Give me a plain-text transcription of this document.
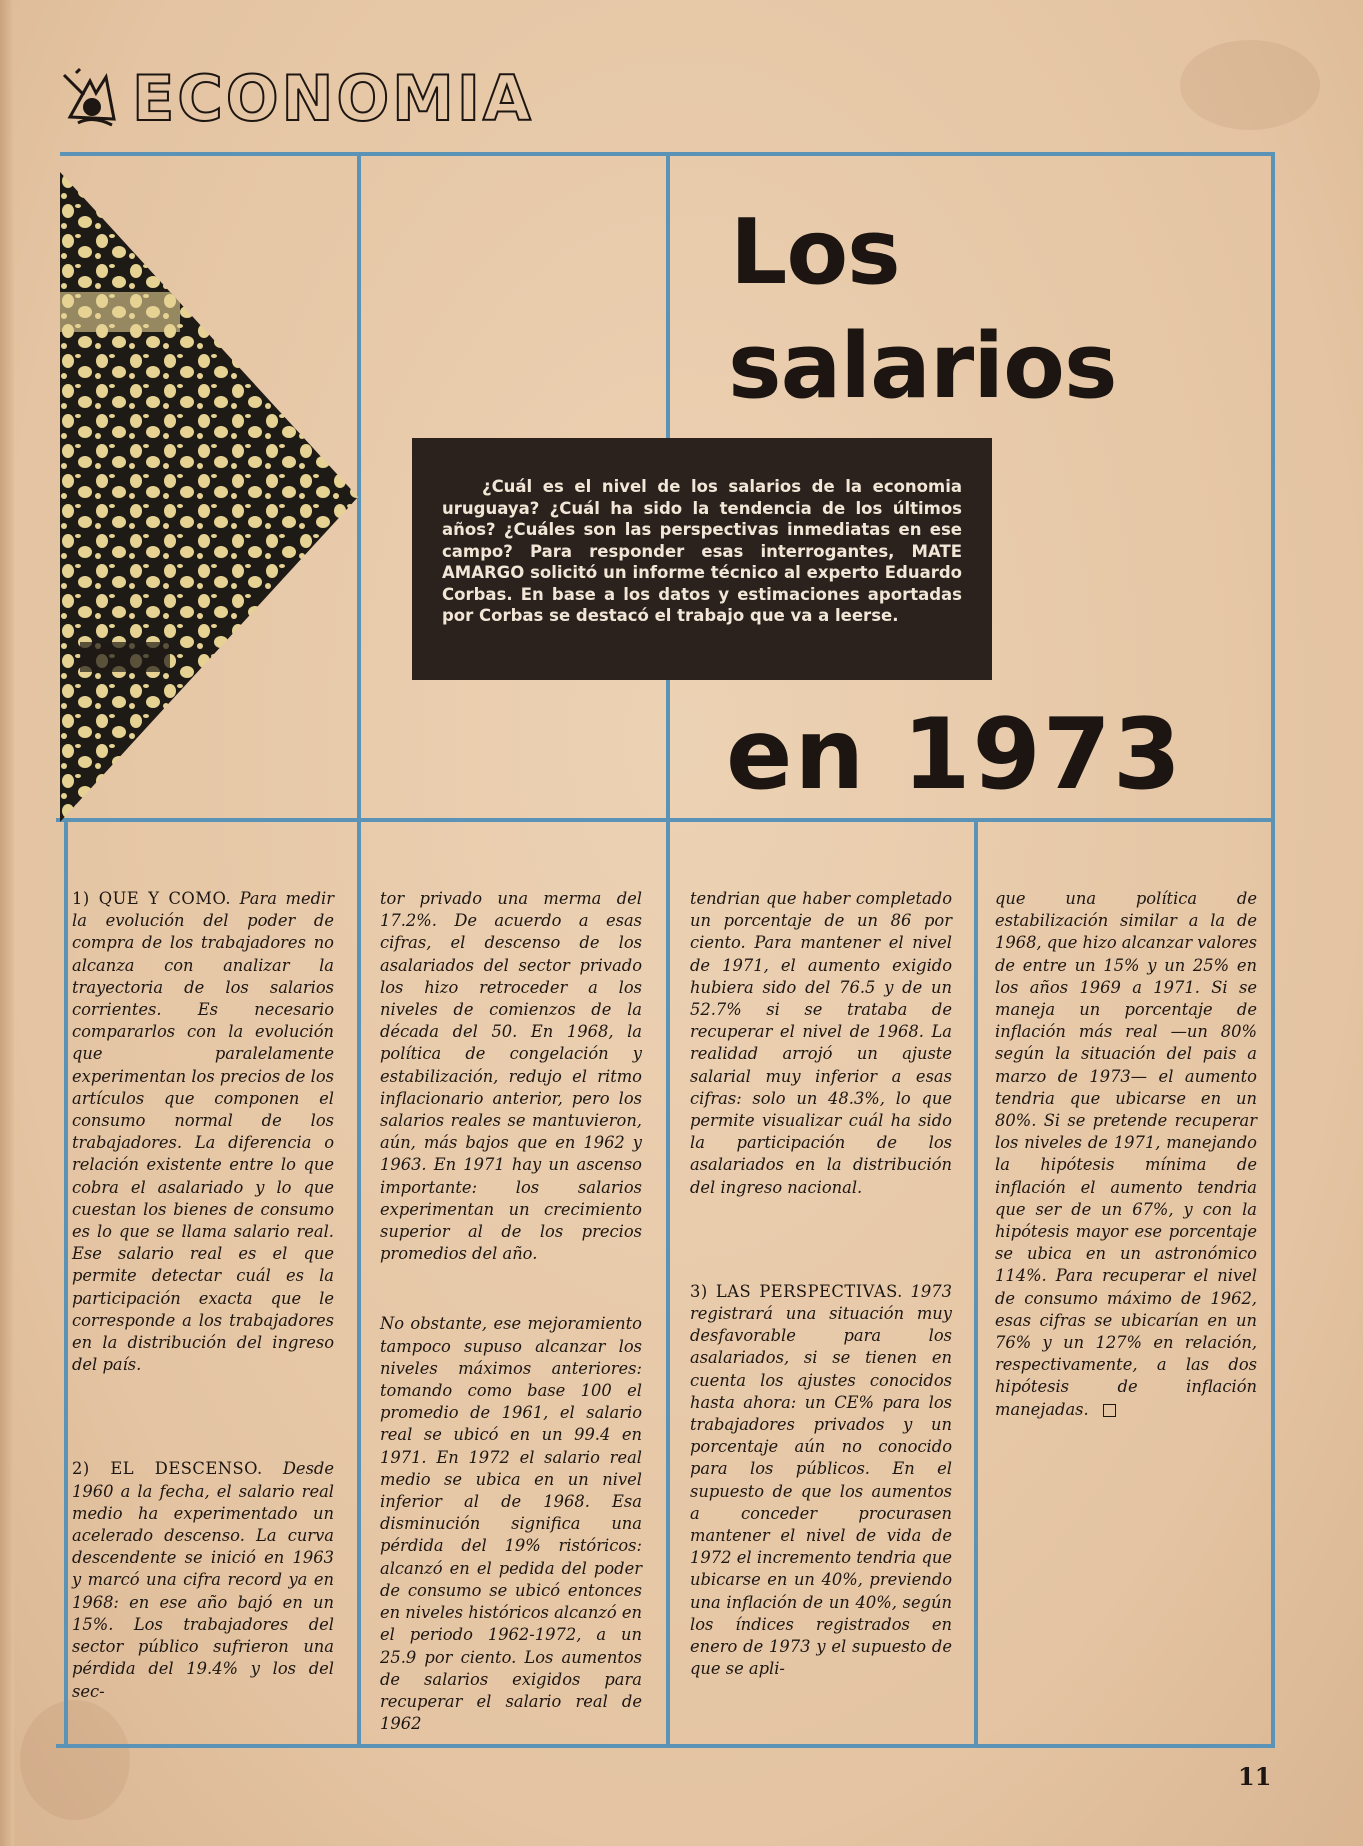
ECONOMIA
Los
salarios
en 1973

¿Cuál es el nivel de los salarios de la economia uruguaya? ¿Cuál ha sido la tendencia de los últimos años? ¿Cuáles son las perspectivas inmediatas en ese campo? Para responder esas interrogantes, MATE AMARGO solicitó un informe técnico al experto Eduardo Corbas. En base a los datos y estimaciones aportadas por Corbas se destacó el trabajo que va a leerse.

1) QUE Y COMO. Para medir la evolución del poder de compra de los trabajadores no alcanza con analizar la trayectoria de los salarios corrientes. Es necesario compararlos con la evolución que paralelamente experimentan los precios de los artículos que componen el consumo normal de los trabajadores. La diferencia o relación existente entre lo que cobra el asalariado y lo que cuestan los bienes de consumo es lo que se llama salario real. Ese salario real es el que permite detectar cuál es la participación exacta que le corresponde a los trabajadores en la distribución del ingreso del país.

2) EL DESCENSO. Desde 1960 a la fecha, el salario real medio ha experimentado un acelerado descenso. La curva descendente se inició en 1963 y marcó una cifra record ya en 1968: en ese año bajó en un 15%. Los trabajadores del sector público sufrieron una pérdida del 19.4% y los del sec-

tor privado una merma del 17.2%. De acuerdo a esas cifras, el descenso de los asalariados del sector privado los hizo retroceder a los niveles de comienzos de la década del 50. En 1968, la política de congelación y estabilización, redujo el ritmo inflacionario anterior, pero los salarios reales se mantuvieron, aún, más bajos que en 1962 y 1963. En 1971 hay un ascenso importante: los salarios experimentan un crecimiento superior al de los precios promedios del año.

No obstante, ese mejoramiento tampoco supuso alcanzar los niveles máximos anteriores: tomando como base 100 el promedio de 1961, el salario real se ubicó en un 99.4 en 1971. En 1972 el salario real medio se ubica en un nivel inferior al de 1968. Esa disminución significa una pérdida del 19% ristóricos: alcanzó en el pedida del poder de consumo se ubicó entonces en niveles históricos alcanzó en el periodo 1962-1972, a un 25.9 por ciento. Los aumentos de salarios exigidos para recuperar el salario real de 1962

tendrian que haber completado un porcentaje de un 86 por ciento. Para mantener el nivel de 1971, el aumento exigido hubiera sido del 76.5 y de un 52.7% si se trataba de recuperar el nivel de 1968. La realidad arrojó un ajuste salarial muy inferior a esas cifras: solo un 48.3%, lo que permite visualizar cuál ha sido la participación de los asalariados en la distribución del ingreso nacional.

3) LAS PERSPECTIVAS. 1973 registrará una situación muy desfavorable para los asalariados, si se tienen en cuenta los ajustes conocidos hasta ahora: un CE% para los trabajadores privados y un porcentaje aún no conocido para los públicos. En el supuesto de que los aumentos a conceder procurasen mantener el nivel de vida de 1972 el incremento tendria que ubicarse en un 40%, previendo una inflación de un 40%, según los índices registrados en enero de 1973 y el supuesto de que se apli-

que una política de estabilización similar a la de 1968, que hizo alcanzar valores de entre un 15% y un 25% en los años 1969 a 1971. Si se maneja un porcentaje de inflación más real —un 80% según la situación del pais a marzo de 1973— el aumento tendria que ubicarse en un 80%. Si se pretende recuperar los niveles de 1971, manejando la hipótesis mínima de inflación el aumento tendria que ser de un 67%, y con la hipótesis mayor ese porcentaje se ubica en un astronómico 114%. Para recuperar el nivel de consumo máximo de 1962, esas cifras se ubicarían en un 76% y un 127% en relación, respectivamente, a las dos hipótesis de inflación manejadas.

11
